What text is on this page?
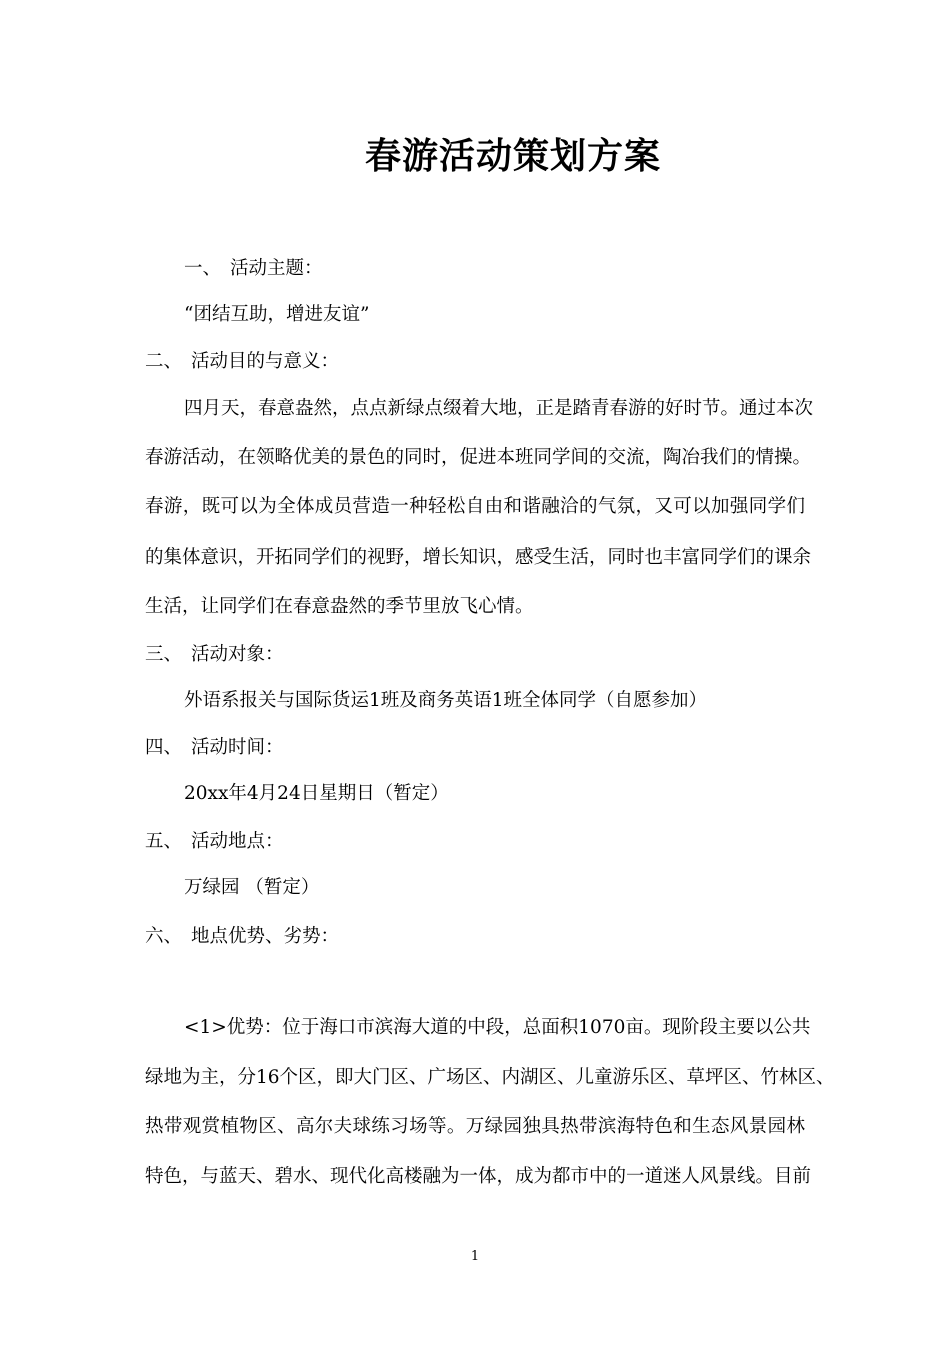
春游活动策划方案
一、 活动主题：
“团结互助，增进友谊”
二、 活动目的与意义：
四月天，春意盎然，点点新绿点缀着大地，正是踏青春游的好时节。通过本次
春游活动，在领略优美的景色的同时，促进本班同学间的交流，陶冶我们的情操。
春游，既可以为全体成员营造一种轻松自由和谐融洽的气氛，又可以加强同学们
的集体意识，开拓同学们的视野，增长知识，感受生活，同时也丰富同学们的课余
生活，让同学们在春意盎然的季节里放飞心情。
三、 活动对象：
外语系报关与国际货运1班及商务英语1班全体同学（自愿参加）
四、 活动时间：
20xx年4月24日星期日（暂定）
五、 活动地点：
万绿园 （暂定）
六、 地点优势、劣势：
<1>优势：位于海口市滨海大道的中段，总面积1070亩。现阶段主要以公共
绿地为主，分16个区，即大门区、广场区、内湖区、儿童游乐区、草坪区、竹林区、
热带观赏植物区、高尔夫球练习场等。万绿园独具热带滨海特色和生态风景园林
特色，与蓝天、碧水、现代化高楼融为一体，成为都市中的一道迷人风景线。目前
1
